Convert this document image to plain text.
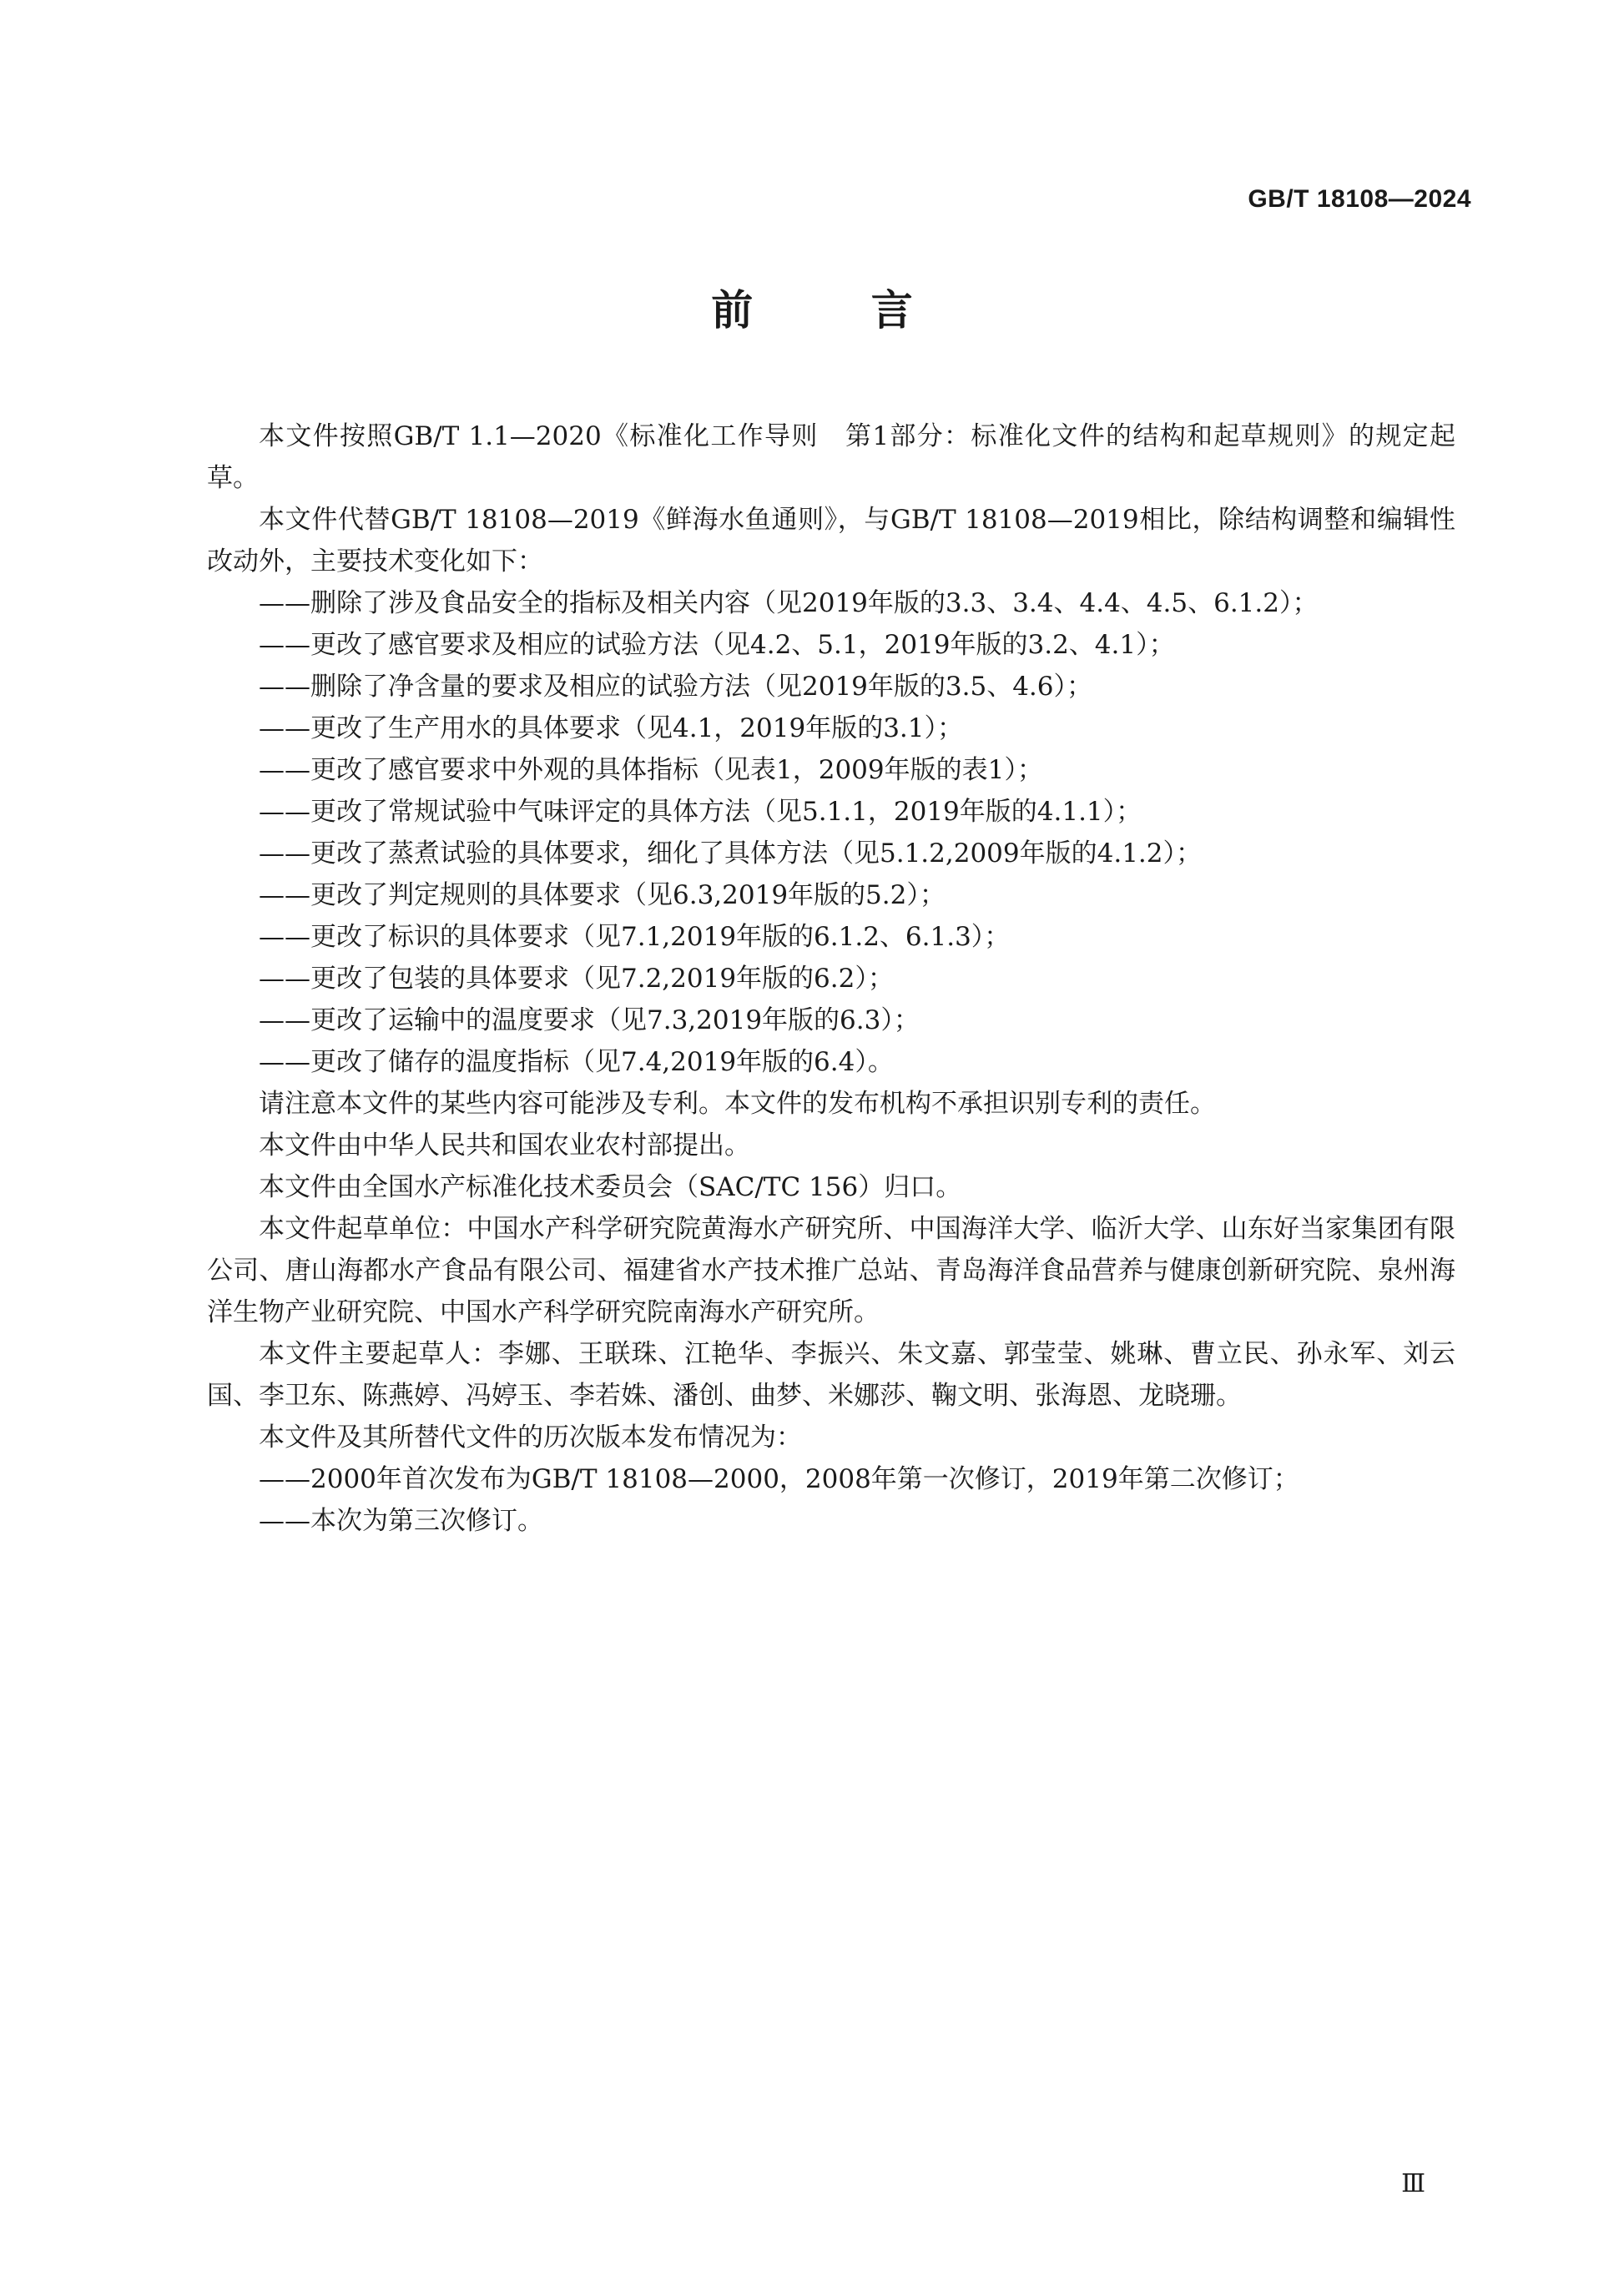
GB/T 18108—2024
前 言

本文件按照GB/T 1.1—2020《标准化工作导则　第1部分：标准化文件的结构和起草规则》的规定起草。

本文件代替GB/T 18108—2019《鲜海水鱼通则》，与GB/T 18108—2019相比，除结构调整和编辑性改动外，主要技术变化如下：

——删除了涉及食品安全的指标及相关内容（见2019年版的3.3、3.4、4.4、4.5、6.1.2）；

——更改了感官要求及相应的试验方法（见4.2、5.1，2019年版的3.2、4.1）；

——删除了净含量的要求及相应的试验方法（见2019年版的3.5、4.6）；

——更改了生产用水的具体要求（见4.1，2019年版的3.1）；

——更改了感官要求中外观的具体指标（见表1，2009年版的表1）；

——更改了常规试验中气味评定的具体方法（见5.1.1，2019年版的4.1.1）；

——更改了蒸煮试验的具体要求，细化了具体方法（见5.1.2,2009年版的4.1.2）；

——更改了判定规则的具体要求（见6.3,2019年版的5.2）；

——更改了标识的具体要求（见7.1,2019年版的6.1.2、6.1.3）；

——更改了包装的具体要求（见7.2,2019年版的6.2）；

——更改了运输中的温度要求（见7.3,2019年版的6.3）；

——更改了储存的温度指标（见7.4,2019年版的6.4）。

请注意本文件的某些内容可能涉及专利。本文件的发布机构不承担识别专利的责任。

本文件由中华人民共和国农业农村部提出。

本文件由全国水产标准化技术委员会（SAC/TC 156）归口。

本文件起草单位：中国水产科学研究院黄海水产研究所、中国海洋大学、临沂大学、山东好当家集团有限公司、唐山海都水产食品有限公司、福建省水产技术推广总站、青岛海洋食品营养与健康创新研究院、泉州海洋生物产业研究院、中国水产科学研究院南海水产研究所。

本文件主要起草人：李娜、王联珠、江艳华、李振兴、朱文嘉、郭莹莹、姚琳、曹立民、孙永军、刘云国、李卫东、陈燕婷、冯婷玉、李若姝、潘创、曲梦、米娜莎、鞠文明、张海恩、龙晓珊。

本文件及其所替代文件的历次版本发布情况为：

——2000年首次发布为GB/T 18108—2000，2008年第一次修订，2019年第二次修订；

——本次为第三次修订。

Ⅲ
